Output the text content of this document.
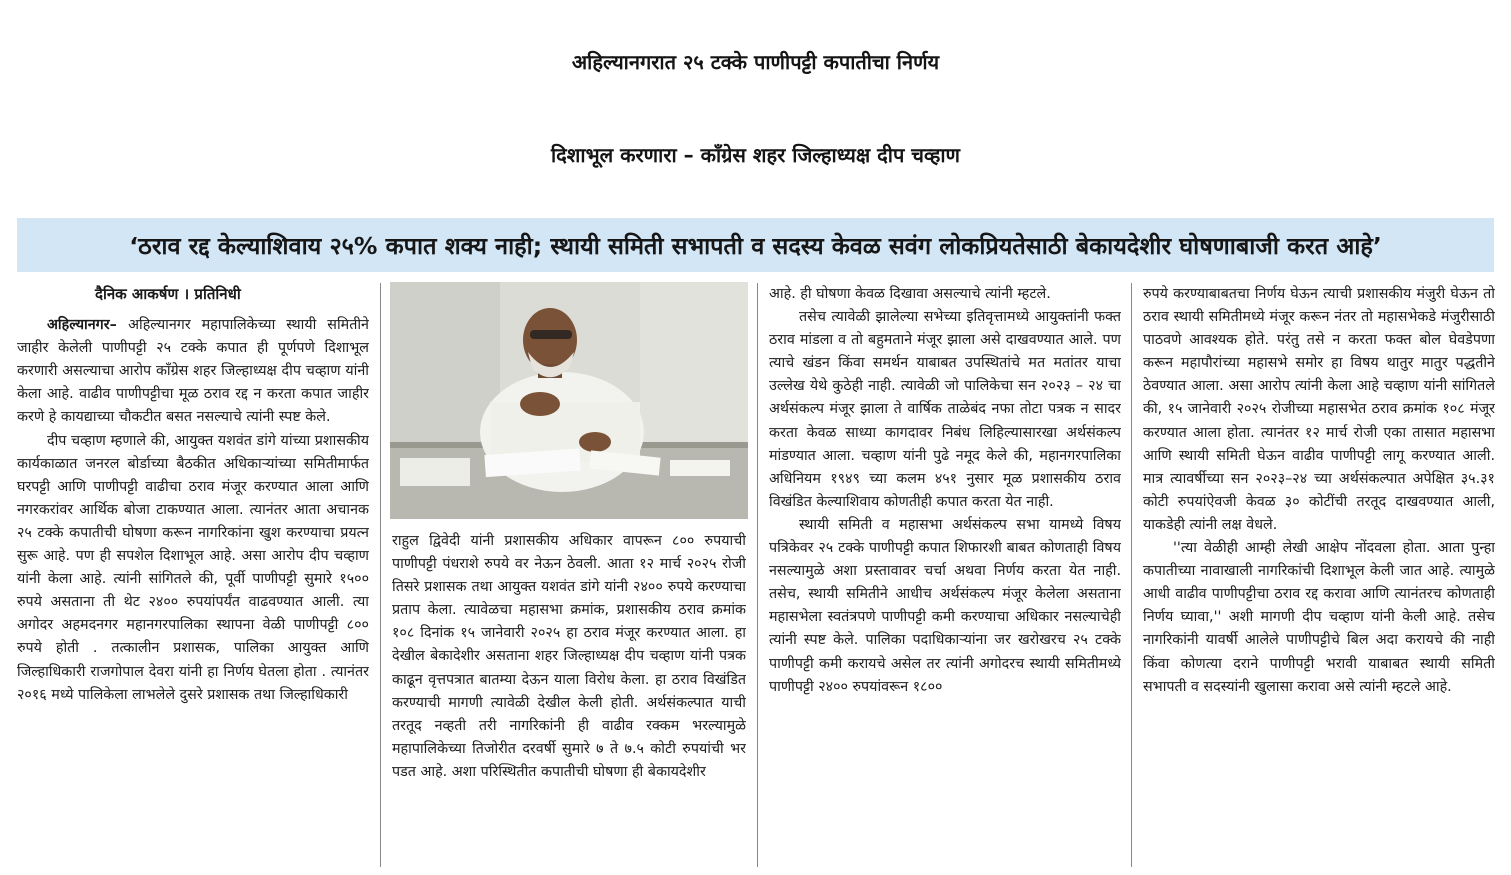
अहिल्यानगरात २५ टक्के पाणीपट्टी कपातीचा निर्णय
दिशाभूल करणारा – काँग्रेस शहर जिल्हाध्यक्ष दीप चव्हाण
‘ठराव रद्द केल्याशिवाय २५% कपात शक्य नाही; स्थायी समिती सभापती व सदस्य केवळ सवंग लोकप्रियतेसाठी बेकायदेशीर घोषणाबाजी करत आहे’

दैनिक आकर्षण । प्रतिनिधी

अहिल्यानगर– अहिल्यानगर महापालिकेच्या स्थायी समितीने जाहीर केलेली पाणीपट्टी २५ टक्के कपात ही पूर्णपणे दिशाभूल करणारी असल्याचा आरोप काँग्रेस शहर जिल्हाध्यक्ष दीप चव्हाण यांनी केला आहे. वाढीव पाणीपट्टीचा मूळ ठराव रद्द न करता कपात जाहीर करणे हे कायद्याच्या चौकटीत बसत नसल्याचे त्यांनी स्पष्ट केले.

दीप चव्हाण म्हणाले की, आयुक्त यशवंत डांगे यांच्या प्रशासकीय कार्यकाळात जनरल बोर्डाच्या बैठकीत अधिकाऱ्यांच्या समितीमार्फत घरपट्टी आणि पाणीपट्टी वाढीचा ठराव मंजूर करण्यात आला आणि नगरकरांवर आर्थिक बोजा टाकण्यात आला. त्यानंतर आता अचानक २५ टक्के कपातीची घोषणा करून नागरिकांना खुश करण्याचा प्रयत्न सुरू आहे. पण ही सपशेल दिशाभूल आहे. असा आरोप दीप चव्हाण यांनी केला आहे. त्यांनी सांगितले की, पूर्वी पाणीपट्टी सुमारे १५०० रुपये असताना ती थेट २४०० रुपयांपर्यंत वाढवण्यात आली. त्या अगोदर अहमदनगर महानगरपालिका स्थापना वेळी पाणीपट्टी ८०० रुपये होती . तत्कालीन प्रशासक, पालिका आयुक्त आणि जिल्हाधिकारी राजगोपाल देवरा यांनी हा निर्णय घेतला होता . त्यानंतर २०१६ मध्ये पालिकेला लाभलेले दुसरे प्रशासक तथा जिल्हाधिकारी

राहुल द्विवेदी यांनी प्रशासकीय अधिकार वापरून ८०० रुपयाची पाणीपट्टी पंधराशे रुपये वर नेऊन ठेवली. आता १२ मार्च २०२५ रोजी तिसरे प्रशासक तथा आयुक्त यशवंत डांगे यांनी २४०० रुपये करण्याचा प्रताप केला. त्यावेळचा महासभा क्रमांक, प्रशासकीय ठराव क्रमांक १०८ दिनांक १५ जानेवारी २०२५ हा ठराव मंजूर करण्यात आला. हा देखील बेकादेशीर असताना शहर जिल्हाध्यक्ष दीप चव्हाण यांनी पत्रक काढून वृत्तपत्रात बातम्या देऊन याला विरोध केला. हा ठराव विखंडित करण्याची मागणी त्यावेळी देखील केली होती. अर्थसंकल्पात याची तरतूद नव्हती तरी नागरिकांनी ही वाढीव रक्कम भरल्यामुळे महापालिकेच्या तिजोरीत दरवर्षी सुमारे ७ ते ७.५ कोटी रुपयांची भर पडत आहे. अशा परिस्थितीत कपातीची घोषणा ही बेकायदेशीर

आहे. ही घोषणा केवळ दिखावा असल्याचे त्यांनी म्हटले.

तसेच त्यावेळी झालेल्या सभेच्या इतिवृत्तामध्ये आयुक्तांनी फक्त ठराव मांडला व तो बहुमताने मंजूर झाला असे दाखवण्यात आले. पण त्याचे खंडन किंवा समर्थन याबाबत उपस्थितांचे मत मतांतर याचा उल्लेख येथे कुठेही नाही. त्यावेळी जो पालिकेचा सन २०२३ – २४ चा अर्थसंकल्प मंजूर झाला ते वार्षिक ताळेबंद नफा तोटा पत्रक न सादर करता केवळ साध्या कागदावर निबंध लिहिल्यासारखा अर्थसंकल्प मांडण्यात आला. चव्हाण यांनी पुढे नमूद केले की, महानगरपालिका अधिनियम १९४९ च्या कलम ४५१ नुसार मूळ प्रशासकीय ठराव विखंडित केल्याशिवाय कोणतीही कपात करता येत नाही.

स्थायी समिती व महासभा अर्थसंकल्प सभा यामध्ये विषय पत्रिकेवर २५ टक्के पाणीपट्टी कपात शिफारशी बाबत कोणताही विषय नसल्यामुळे अशा प्रस्तावावर चर्चा अथवा निर्णय करता येत नाही. तसेच, स्थायी समितीने आधीच अर्थसंकल्प मंजूर केलेला असताना महासभेला स्वतंत्रपणे पाणीपट्टी कमी करण्याचा अधिकार नसल्याचेही त्यांनी स्पष्ट केले. पालिका पदाधिकाऱ्यांना जर खरोखरच २५ टक्के पाणीपट्टी कमी करायचे असेल तर त्यांनी अगोदरच स्थायी समितीमध्ये पाणीपट्टी २४०० रुपयांवरून १८००

रुपये करण्याबाबतचा निर्णय घेऊन त्याची प्रशासकीय मंजुरी घेऊन तो ठराव स्थायी समितीमध्ये मंजूर करून नंतर तो महासभेकडे मंजुरीसाठी पाठवणे आवश्यक होते. परंतु तसे न करता फक्त बोल घेवडेपणा करून महापौरांच्या महासभे समोर हा विषय थातुर मातुर पद्धतीने ठेवण्यात आला. असा आरोप त्यांनी केला आहे चव्हाण यांनी सांगितले की, १५ जानेवारी २०२५ रोजीच्या महासभेत ठराव क्रमांक १०८ मंजूर करण्यात आला होता. त्यानंतर १२ मार्च रोजी एका तासात महासभा आणि स्थायी समिती घेऊन वाढीव पाणीपट्टी लागू करण्यात आली. मात्र त्यावर्षीच्या सन २०२३–२४ च्या अर्थसंकल्पात अपेक्षित ३५.३१ कोटी रुपयांऐवजी केवळ ३० कोटींची तरतूद दाखवण्यात आली, याकडेही त्यांनी लक्ष वेधले.

''त्या वेळीही आम्ही लेखी आक्षेप नोंदवला होता. आता पुन्हा कपातीच्या नावाखाली नागरिकांची दिशाभूल केली जात आहे. त्यामुळे आधी वाढीव पाणीपट्टीचा ठराव रद्द करावा आणि त्यानंतरच कोणताही निर्णय घ्यावा,'' अशी मागणी दीप चव्हाण यांनी केली आहे. तसेच नागरिकांनी यावर्षी आलेले पाणीपट्टीचे बिल अदा करायचे की नाही किंवा कोणत्या दराने पाणीपट्टी भरावी याबाबत स्थायी समिती सभापती व सदस्यांनी खुलासा करावा असे त्यांनी म्हटले आहे.
